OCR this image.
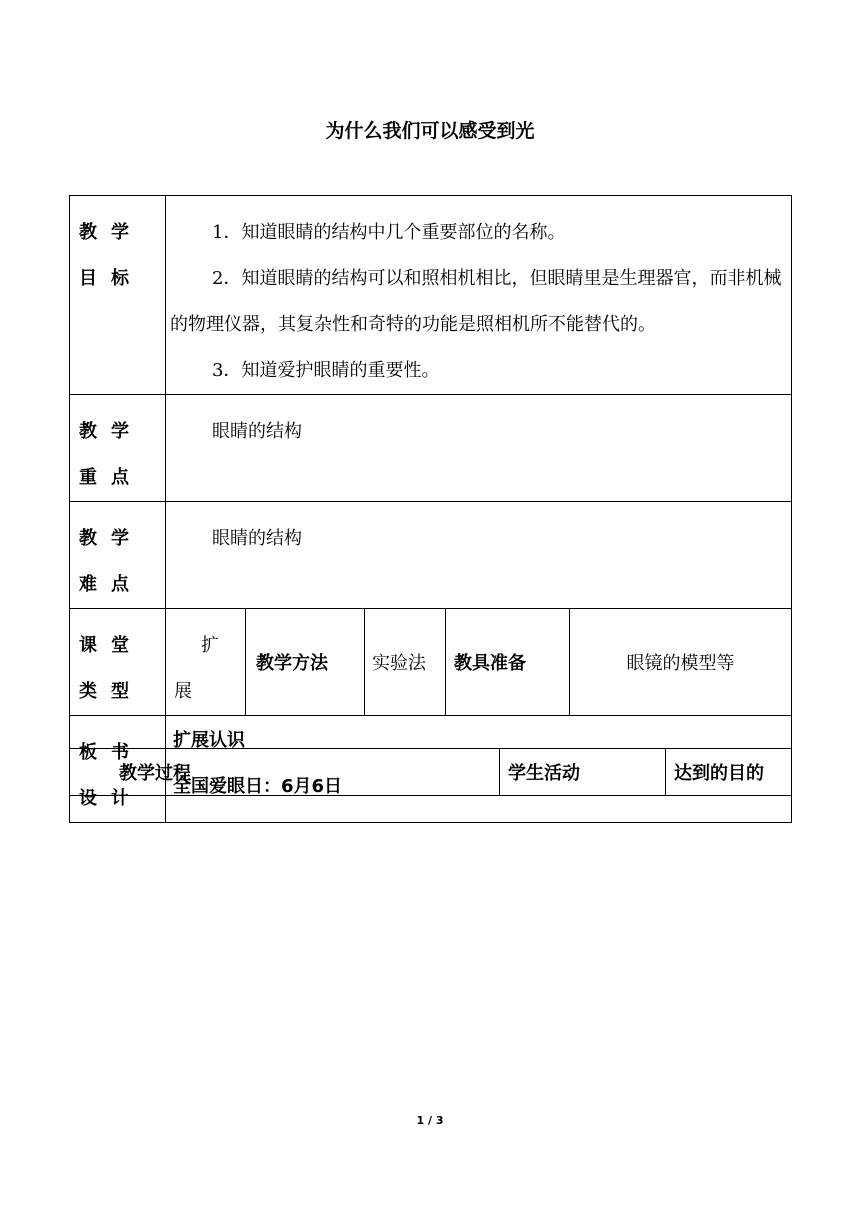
为什么我们可以感受到光
教学目标	1．知道眼睛的结构中几个重要部位的名称。

2．知道眼睛的结构可以和照相机相比，但眼睛里是生理器官，而非机械的物理仪器，其复杂性和奇特的功能是照相机所不能替代的。

3．知道爱护眼睛的重要性。				

教学重点	眼睛的结构				
教学难点	眼睛的结构				
课堂类型	扩展	教学方法	实验法	教具准备	眼镜的模型等
板书设计	扩展认识
全国爱眼日：6月6日				
教学过程	学生活动	达到的目的
1 / 3
